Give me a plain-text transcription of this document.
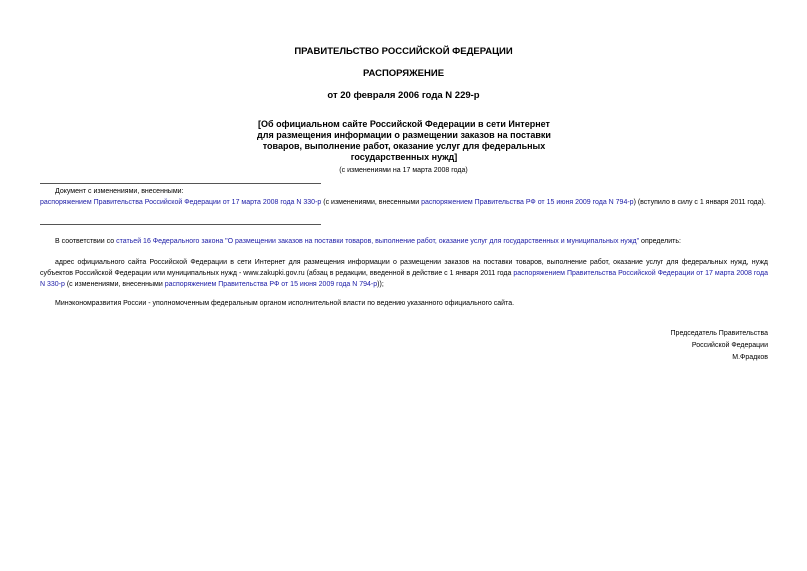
ПРАВИТЕЛЬСТВО РОССИЙСКОЙ ФЕДЕРАЦИИ
РАСПОРЯЖЕНИЕ
от 20 февраля 2006 года N 229-р
[Об официальном сайте Российской Федерации в сети Интернет
для размещения информации о размещении заказов на поставки
товаров, выполнение работ, оказание услуг для федеральных
государственных нужд]
(с изменениями на 17 марта 2008 года)
Документ с изменениями, внесенными:
распоряжением Правительства Российской Федерации от 17 марта 2008 года N 330-р (с изменениями, внесенными распоряжением Правительства РФ от 15 июня 2009 года N 794-р) (вступило в силу с 1 января 2011 года).
В соответствии со статьей 16 Федерального закона "О размещении заказов на поставки товаров, выполнение работ, оказание услуг для государственных и муниципальных нужд" определить:
адрес официального сайта Российской Федерации в сети Интернет для размещения информации о размещении заказов на поставки товаров, выполнение работ, оказание услуг для федеральных нужд, нужд субъектов Российской Федерации или муниципальных нужд - www.zakupki.gov.ru (абзац в редакции, введенной в действие с 1 января 2011 года распоряжением Правительства Российской Федерации от 17 марта 2008 года N 330-р (с изменениями, внесенными распоряжением Правительства РФ от 15 июня 2009 года N 794-р));
Минэкономразвития России - уполномоченным федеральным органом исполнительной власти по ведению указанного официального сайта.
Председатель Правительства
Российской Федерации
М.Фрадков
